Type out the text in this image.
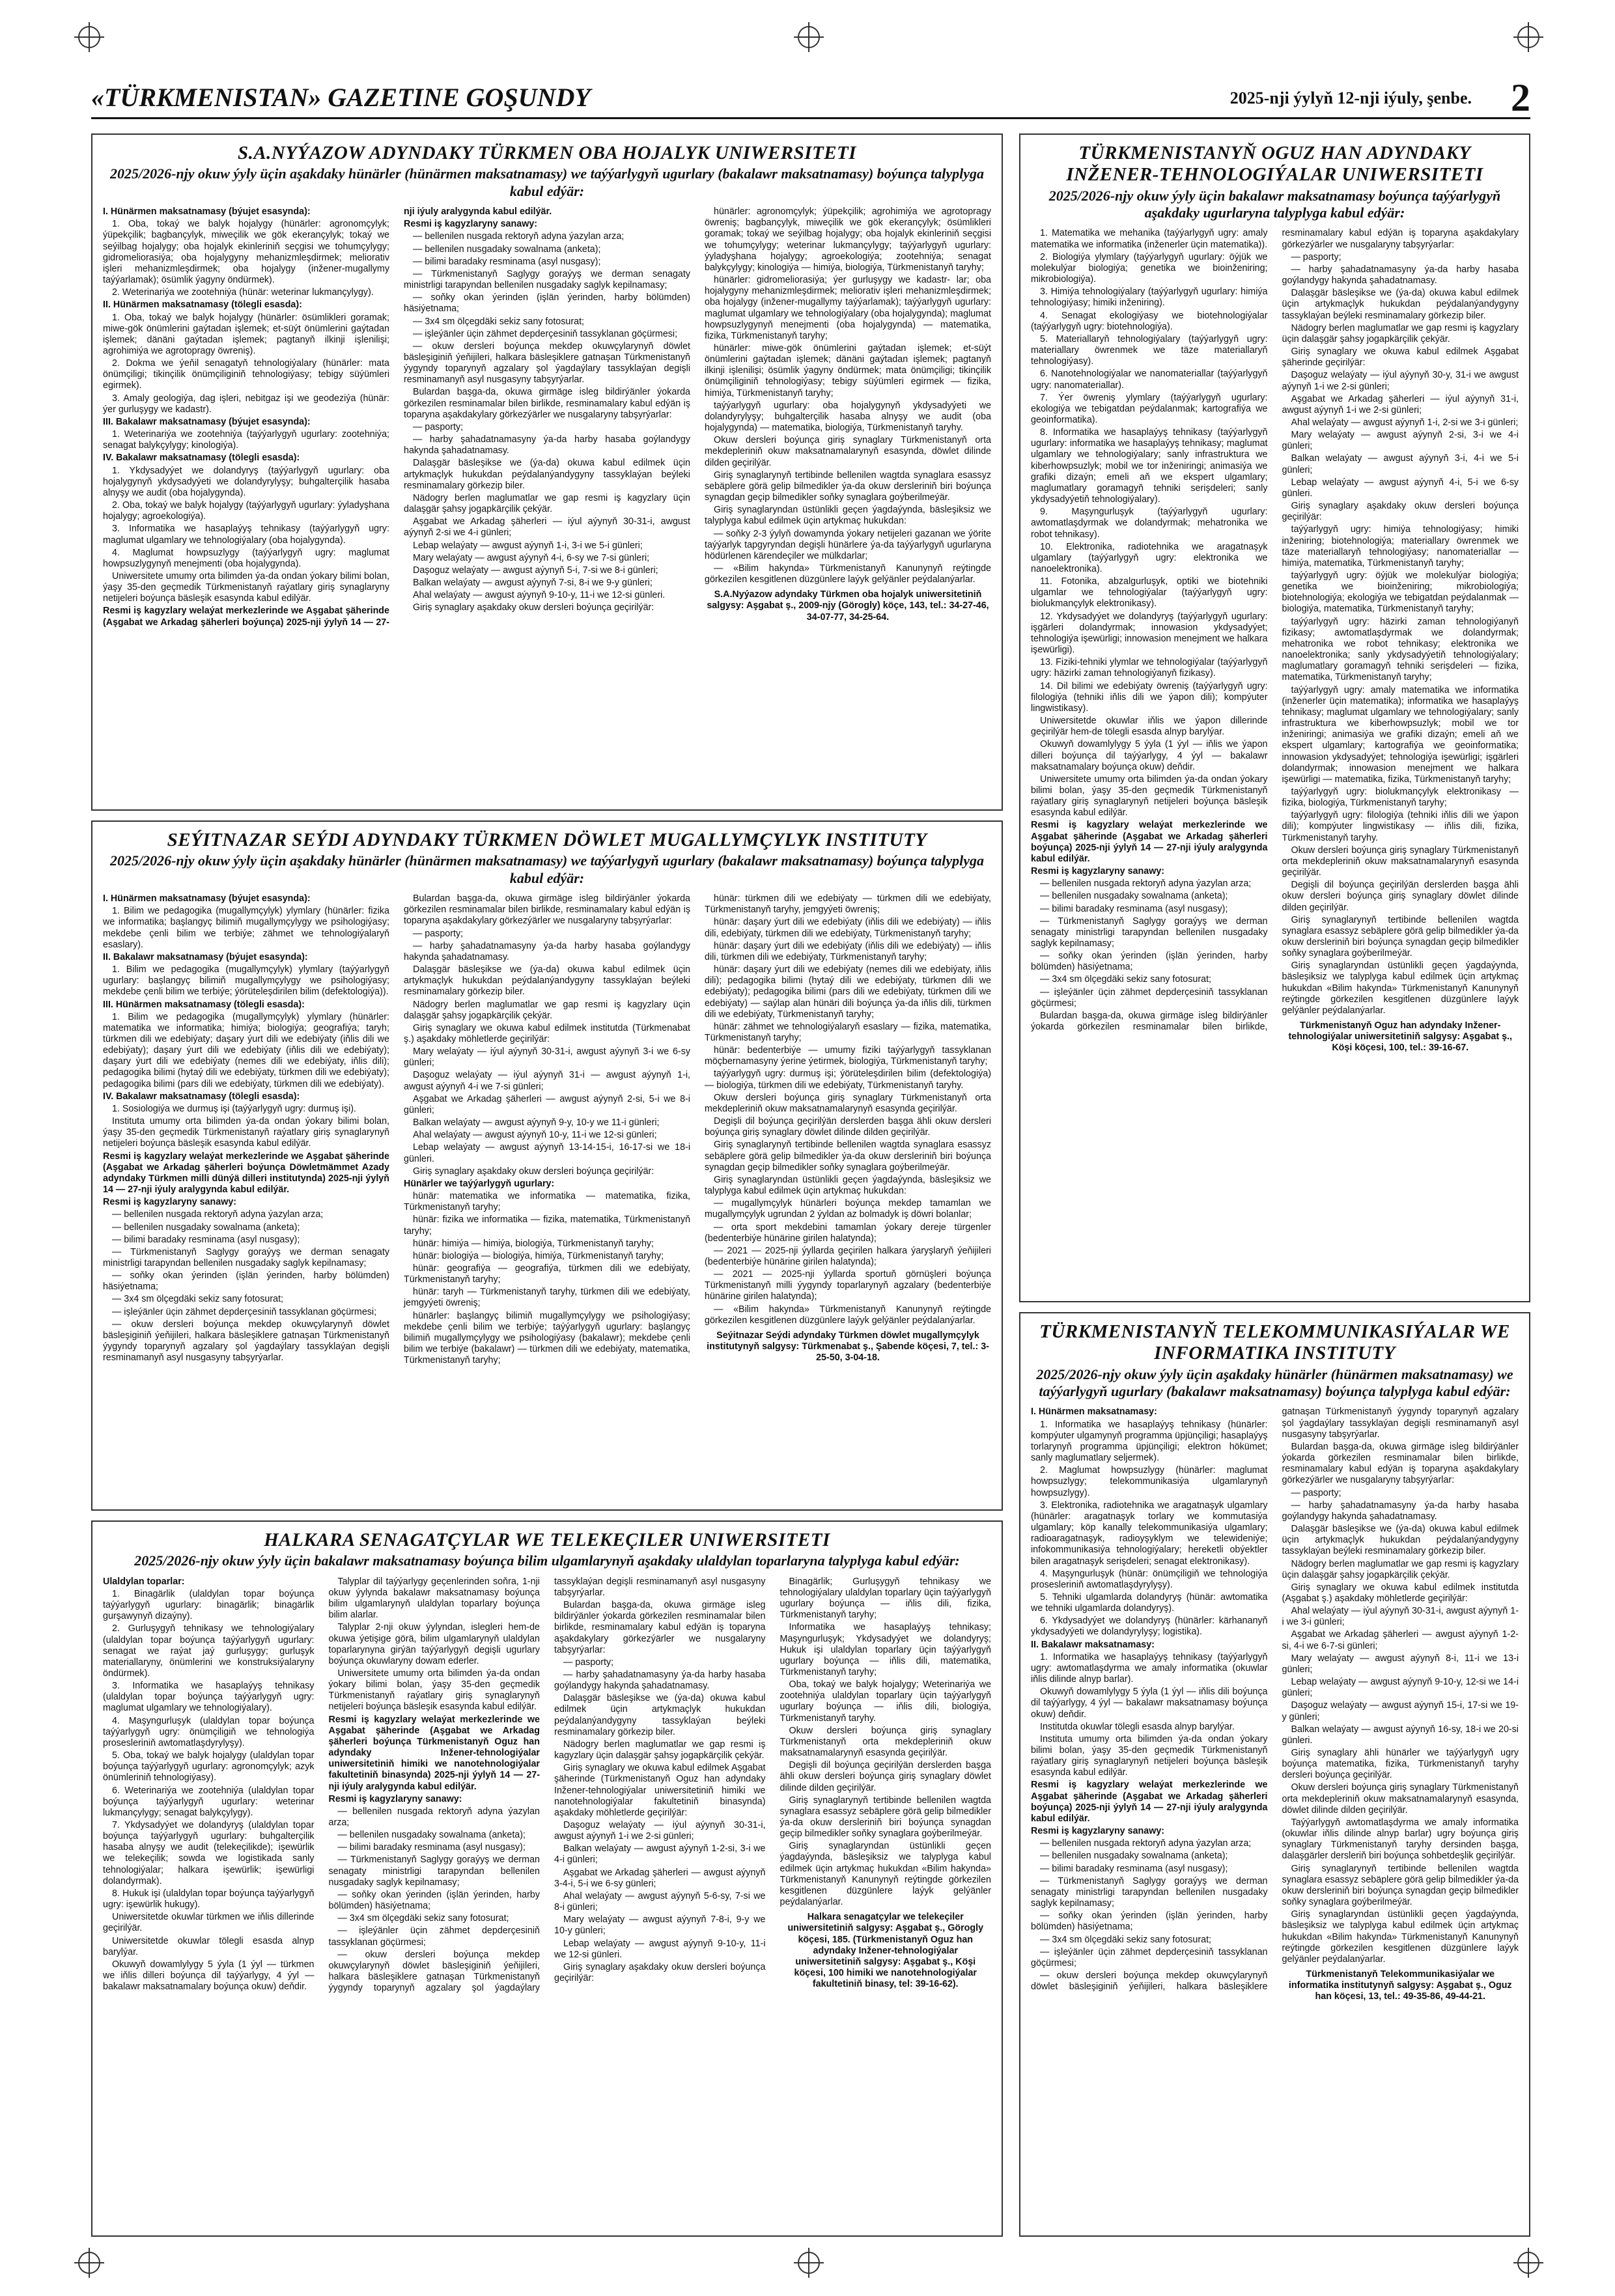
«TÜRKMENISTAN» GAZETINE GOŞUNDY	2025-nji ýylyň 12-nji iýuly, şenbe. 2
S.A.NYÝAZOW ADYNDAKY TÜRKMEN OBA HOJALYK UNIWERSITETI
2025/2026-njy okuw ýyly üçin aşakdaky hünärler (hünärmen maksatnamasy) we taýýarlygyň ugurlary (bakalawr maksatnamasy) boýunça talyplyga kabul edýär:

I. Hünärmen maksatnamasy (býujet esasynda):

1. Oba, tokaý we balyk hojalygy (hünärler: agronomçylyk; ýüpekçilik; bagbançylyk, miweçilik we gök ekerançylyk; tokaý we seýilbag hojalygy; oba hojalyk ekinleriniň seçgisi we tohumçylygy; gidromeliorasiýa; oba hojalygyny mehanizmleşdirmek; meliorativ işleri mehanizmleşdirmek; oba hojalygy (inžener-mugallymy taýýarlamak); ösümlik ýagyny öndürmek).

2. Weterinariýa we zootehniýa (hünär: weterinar lukmançylygy).

II. Hünärmen maksatnamasy (tölegli esasda):

1. Oba, tokaý we balyk hojalygy (hünärler: ösümlikleri goramak; miwe-gök önümlerini gaýtadan işlemek; et-süýt önümlerini gaýtadan işlemek; dänäni gaýtadan işlemek; pagtanyň ilkinji işlenilişi; agrohimiýa we agrotopragy öwreniş).

2. Dokma we ýeňil senagatyň tehnologiýalary (hünärler: mata önümçiligi; tikinçilik önümçiliginiň tehnologiýasy; tebigy süýümleri egirmek).

3. Amaly geologiýa, dag işleri, nebitgaz işi we geodeziýa (hünär: ýer gurluşygy we kadastr).

III. Bakalawr maksatnamasy (býujet esasynda):

1. Weterinariýa we zootehniýa (taýýarlygyň ugurlary: zootehniýa; senagat balykçylygy; kinologiýa).

IV. Bakalawr maksatnamasy (tölegli esasda):

1. Ykdysadyýet we dolandyryş (taýýarlygyň ugurlary: oba hojalygynyň ykdysadyýeti we dolandyrylyşy; buhgalterçilik hasaba alnyşy we audit (oba hojalygynda).

2. Oba, tokaý we balyk hojalygy (taýýarlygyň ugurlary: ýyladyşhana hojalygy; agroekologiýa).

3. Informatika we hasaplaýyş tehnikasy (taýýarlygyň ugry: maglumat ulgamlary we tehnologiýalary (oba hojalygynda).

4. Maglumat howpsuzlygy (taýýarlygyň ugry: maglumat howpsuzlygynyň menejmenti (oba hojalygynda).

Uniwersitete umumy orta bilimden ýa-da ondan ýokary bilimi bolan, ýaşy 35-den geçmedik Türkmenistanyň raýatlary giriş synaglaryny netijeleri boýunça bäsleşik esasynda kabul edilýär.

Resmi iş kagyzlary welaýat merkezlerinde we Aşgabat şäherinde (Aşgabat we Arkadag şäherleri boýunça) 2025-nji ýylyň 14 — 27-nji iýuly aralygynda kabul edilýär.

Resmi iş kagyzlaryny sanawy:

— bellenilen nusgada rektoryň adyna ýazylan arza;

— bellenilen nusgadaky sowalnama (anketa);

— bilimi baradaky resminama (asyl nusgasy);

— Türkmenistanyň Saglygy goraýyş we derman senagaty ministrligi tarapyndan bellenilen nusgadaky saglyk kepilnamasy;

— soňky okan ýerinden (işlän ýerinden, harby bölümden) häsiýetnama;

— 3x4 sm ölçegdäki sekiz sany fotosurat;

— işleýänler üçin zähmet depderçesiniň tassyklanan göçürmesi;

— okuw dersleri boýunça mekdep okuwçylarynyň döwlet bäsleşiginiň ýeňijileri, halkara bäsleşiklere gatnaşan Türkmenistanyň ýygyndy toparynyň agzalary şol ýagdaýlary tassyklaýan degişli resminamanyň asyl nusgasyny tabşyrýarlar.

Bulardan başga-da, okuwa girmäge isleg bildirýänler ýokarda görkezilen resminamalar bilen birlikde, resminamalary kabul edýän iş toparyna aşakdakylary görkezýärler we nusgalaryny tabşyrýarlar:

— pasporty;

— harby şahadatnamasyny ýa-da harby hasaba goýlandygy hakynda şahadatnamasy.

Dalaşgär bäsleşikse we (ýa-da) okuwa kabul edilmek üçin artykmaçlyk hukukdan peýdalanýandygyny tassyklaýan beýleki resminamalary görkezip biler.

Nädogry berlen maglumatlar we gap resmi iş kagyzlary üçin dalaşgär şahsy jogapkärçilik çekýär.

Aşgabat we Arkadag şäherleri — iýul aýynyň 30-31-i, awgust aýynyň 2-si we 4-i günleri;

Lebap welaýaty — awgust aýynyň 1-i, 3-i we 5-i günleri;

Mary welaýaty — awgust aýynyň 4-i, 6-sy we 7-si günleri;

Daşoguz welaýaty — awgust aýynyň 5-i, 7-si we 8-i günleri;

Balkan welaýaty — awgust aýynyň 7-si, 8-i we 9-y günleri;

Ahal welaýaty — awgust aýynyň 9-10-y, 11-i we 12-si günleri.

Giriş synaglary aşakdaky okuw dersleri boýunça geçirilýär:

hünärler: agronomçylyk; ýüpekçilik; agrohimiýa we agrotopragy öwreniş; bagbançylyk, miweçilik we gök ekerançylyk; ösümlikleri goramak; tokaý we seýilbag hojalygy; oba hojalyk ekinleriniň seçgisi we tohumçylygy; weterinar lukmançylygy; taýýarlygyň ugurlary: ýyladyşhana hojalygy; agroekologiýa; zootehniýa; senagat balykçylygy; kinologiýa — himiýa, biologiýa, Türkmenistanyň taryhy;

hünärler: gidromeliorasiýa; ýer gurluşygy we kadastr- lar; oba hojalygyny mehanizmleşdirmek; meliorativ işleri mehanizmleşdirmek; oba hojalygy (inžener-mugallymy taýýarlamak); taýýarlygyň ugurlary: maglumat ulgamlary we tehnologiýalary (oba hojalygynda); maglumat howpsuzlygynyň menejmenti (oba hojalygynda) — matematika, fizika, Türkmenistanyň taryhy;

hünärler: miwe-gök önümlerini gaýtadan işlemek; et-süýt önümlerini gaýtadan işlemek; dänäni gaýtadan işlemek; pagtanyň ilkinji işlenilişi; ösümlik ýagyny öndürmek; mata önümçiligi; tikinçilik önümçiliginiň tehnologiýasy; tebigy süýümleri egirmek — fizika, himiýa, Türkmenistanyň taryhy;

taýýarlygyň ugurlary: oba hojalygynyň ykdysadyýeti we dolandyrylyşy; buhgalterçilik hasaba alnyşy we audit (oba hojalygynda) — matematika, biologiýa, Türkmenistanyň taryhy.

Okuw dersleri boýunça giriş synaglary Türkmenistanyň orta mekdepleriniň okuw maksatnamalarynyň esasynda, döwlet dilinde dilden geçirilýär.

Giriş synaglarynyň tertibinde bellenilen wagtda synaglara esassyz sebäplere görä gelip bilmedikler ýa-da okuw dersleriniň biri boýunça synagdan geçip bilmedikler soňky synaglara goýberilmeýär.

Giriş synaglaryndan üstünlikli geçen ýagdaýynda, bäsleşiksiz we talyplyga kabul edilmek üçin artykmaç hukukdan:

— soňky 2-3 ýylyň dowamynda ýokary netijeleri gazanan we ýörite taýýarlyk tapgyryndan degişli hünärlere ýa-da taýýarlygyň ugurlaryna hödürlenen kärendeçiler we mülkdarlar;

— «Bilim hakynda» Türkmenistanyň Kanunynyň reýtingde görkezilen kesgitlenen düzgünlere laýyk gelýänler peýdalanýarlar.

S.A.Nyýazow adyndaky Türkmen oba hojalyk uniwersitetiniň salgysy: Aşgabat ş., 2009-njy (Görogly) köçe, 143, tel.: 34-27-46, 34-07-77, 34-25-64.

TÜRKMENISTANYŇ OGUZ HAN ADYNDAKY INŽENER-TEHNOLOGIÝALAR UNIWERSITETI
2025/2026-njy okuw ýyly üçin bakalawr maksatnamasy boýunça taýýarlygyň aşakdaky ugurlaryna talyplyga kabul edýär:

1. Matematika we mehanika (taýýarlygyň ugry: amaly matematika we informatika (inženerler üçin matematika)).

2. Biologiýa ylymlary (taýýarlygyň ugurlary: öýjük we molekulýar biologiýa; genetika we bioinženiring; mikrobiologiýa).

3. Himiýa tehnologiýalary (taýýarlygyň ugurlary: himiýa tehnologiýasy; himiki inženiring).

4. Senagat ekologiýasy we biotehnologiýalar (taýýarlygyň ugry: biotehnologiýa).

5. Materiallaryň tehnologiýalary (taýýarlygyň ugry: materiallary öwrenmek we täze materiallaryň tehnologiýasy).

6. Nanotehnologiýalar we nanomateriallar (taýýarlygyň ugry: nanomateriallar).

7. Ýer öwreniş ylymlary (taýýarlygyň ugurlary: ekologiýa we tebigatdan peýdalanmak; kartografiýa we geoinformatika).

8. Informatika we hasaplaýyş tehnikasy (taýýarlygyň ugurlary: informatika we hasaplaýyş tehnikasy; maglumat ulgamlary we tehnologiýalary; sanly infrastruktura we kiberhowpsuzlyk; mobil we tor inženiringi; animasiýa we grafiki dizaýn; emeli aň we ekspert ulgamlary; maglumatlary goramagyň tehniki serişdeleri; sanly ykdysadyýetiň tehnologiýalary).

9. Maşyngurluşyk (taýýarlygyň ugurlary: awtomatlaşdyrmak we dolandyrmak; mehatronika we robot tehnikasy).

10. Elektronika, radiotehnika we aragatnaşyk ulgamlary (taýýarlygyň ugry: elektronika we nanoelektronika).

11. Fotonika, abzalgurluşyk, optiki we biotehniki ulgamlar we tehnologiýalar (taýýarlygyň ugry: biolukmançylyk elektronikasy).

12. Ykdysadyýet we dolandyryş (taýýarlygyň ugurlary: işgärleri dolandyrmak; innowasion ykdysadyýet; tehnologiýa işewürligi; innowasion menejment we halkara işewürligi).

13. Fiziki-tehniki ylymlar we tehnologiýalar (taýýarlygyň ugry: häzirki zaman tehnologiýanyň fizikasy).

14. Dil bilimi we edebiýaty öwreniş (taýýarlygyň ugry: filologiýa (tehniki iňlis dili we ýapon dili); kompýuter lingwistikasy).

Uniwersitetde okuwlar iňlis we ýapon dillerinde geçirilýär hem-de tölegli esasda alnyp barylýar.

Okuwyň dowamlylygy 5 ýyla (1 ýyl — iňlis we ýapon dilleri boýunça dil taýýarlygy, 4 ýyl — bakalawr maksatnamalary boýunça okuw) deňdir.

Uniwersitete umumy orta bilimden ýa-da ondan ýokary bilimi bolan, ýaşy 35-den geçmedik Türkmenistanyň raýatlary giriş synaglarynyň netijeleri boýunça bäsleşik esasynda kabul edilýär.

Resmi iş kagyzlary welaýat merkezlerinde we Aşgabat şäherinde (Aşgabat we Arkadag şäherleri boýunça) 2025-nji ýylyň 14 — 27-nji iýuly aralygynda kabul edilýär.

Resmi iş kagyzlaryny sanawy:

— bellenilen nusgada rektoryň adyna ýazylan arza;

— bellenilen nusgadaky sowalnama (anketa);

— bilimi baradaky resminama (asyl nusgasy);

— Türkmenistanyň Saglygy goraýyş we derman senagaty ministrligi tarapyndan bellenilen nusgadaky saglyk kepilnamasy;

— soňky okan ýerinden (işlän ýerinden, harby bölümden) häsiýetnama;

— 3x4 sm ölçegdäki sekiz sany fotosurat;

— işleýänler üçin zähmet depderçesiniň tassyklanan göçürmesi;

Bulardan başga-da, okuwa girmäge isleg bildirýänler ýokarda görkezilen resminamalar bilen birlikde, resminamalary kabul edýän iş toparyna aşakdakylary görkezýärler we nusgalaryny tabşyrýarlar:

— pasporty;

— harby şahadatnamasyny ýa-da harby hasaba goýlandygy hakynda şahadatnamasy.

Dalaşgär bäsleşikse we (ýa-da) okuwa kabul edilmek üçin artykmaçlyk hukukdan peýdalanýandygyny tassyklaýan beýleki resminamalary görkezip biler.

Nädogry berlen maglumatlar we gap resmi iş kagyzlary üçin dalaşgär şahsy jogapkärçilik çekýär.

Giriş synaglary we okuwa kabul edilmek Aşgabat şäherinde geçirilýär:

Daşoguz welaýaty — iýul aýynyň 30-y, 31-i we awgust aýynyň 1-i we 2-si günleri;

Aşgabat we Arkadag şäherleri — iýul aýynyň 31-i, awgust aýynyň 1-i we 2-si günleri;

Ahal welaýaty — awgust aýynyň 1-i, 2-si we 3-i günleri;

Mary welaýaty — awgust aýynyň 2-si, 3-i we 4-i günleri;

Balkan welaýaty — awgust aýynyň 3-i, 4-i we 5-i günleri;

Lebap welaýaty — awgust aýynyň 4-i, 5-i we 6-sy günleri.

Giriş synaglary aşakdaky okuw dersleri boýunça geçirilýär:

taýýarlygyň ugry: himiýa tehnologiýasy; himiki inženiring; biotehnologiýa; materiallary öwrenmek we täze materiallaryň tehnologiýasy; nanomateriallar — himiýa, matematika, Türkmenistanyň taryhy;

taýýarlygyň ugry: öýjük we molekulýar biologiýa; genetika we bioinženiring; mikrobiologiýa; biotehnologiýa; ekologiýa we tebigatdan peýdalanmak — biologiýa, matematika, Türkmenistanyň taryhy;

taýýarlygyň ugry: häzirki zaman tehnologiýanyň fizikasy; awtomatlaşdyrmak we dolandyrmak; mehatronika we robot tehnikasy; elektronika we nanoelektronika; sanly ykdysadyýetiň tehnologiýalary; maglumatlary goramagyň tehniki serişdeleri — fizika, matematika, Türkmenistanyň taryhy;

taýýarlygyň ugry: amaly matematika we informatika (inženerler üçin matematika); informatika we hasaplaýyş tehnikasy; maglumat ulgamlary we tehnologiýalary; sanly infrastruktura we kiberhowpsuzlyk; mobil we tor inženiringi; animasiýa we grafiki dizaýn; emeli aň we ekspert ulgamlary; kartografiýa we geoinformatika; innowasion ykdysadyýet; tehnologiýa işewürligi; işgärleri dolandyrmak; innowasion menejment we halkara işewürligi — matematika, fizika, Türkmenistanyň taryhy;

taýýarlygyň ugry: biolukmançylyk elektronikasy — fizika, biologiýa, Türkmenistanyň taryhy;

taýýarlygyň ugry: filologiýa (tehniki iňlis dili we ýapon dili); kompýuter lingwistikasy — iňlis dili, fizika, Türkmenistanyň taryhy.

Okuw dersleri boýunça giriş synaglary Türkmenistanyň orta mekdepleriniň okuw maksatnamalarynyň esasynda geçirilýär.

Degişli dil boýunça geçirilýän derslerden başga ähli okuw dersleri boýunça giriş synaglary döwlet dilinde dilden geçirilýär.

Giriş synaglarynyň tertibinde bellenilen wagtda synaglara esassyz sebäplere görä gelip bilmedikler ýa-da okuw dersleriniň biri boýunça synagdan geçip bilmedikler soňky synaglara goýberilmeýär.

Giriş synaglaryndan üstünlikli geçen ýagdaýynda, bäsleşiksiz we talyplyga kabul edilmek üçin artykmaç hukukdan «Bilim hakynda» Türkmenistanyň Kanunynyň reýtingde görkezilen kesgitlenen düzgünlere laýyk gelýänler peýdalanýarlar.

Türkmenistanyň Oguz han adyndaky Inžener-tehnologiýalar uniwersitetiniň salgysy: Aşgabat ş., Köşi köçesi, 100, tel.: 39-16-67.

SEÝITNAZAR SEÝDI ADYNDAKY TÜRKMEN DÖWLET MUGALLYMÇYLYK INSTITUTY
2025/2026-njy okuw ýyly üçin aşakdaky hünärler (hünärmen maksatnamasy) we taýýarlygyň ugurlary (bakalawr maksatnamasy) boýunça talyplyga kabul edýär:

I. Hünärmen maksatnamasy (býujet esasynda):

1. Bilim we pedagogika (mugallymçylyk) ylymlary (hünärler: fizika we informatika; başlangyç bilimiň mugallymçylygy we psihologiýasy; mekdebe çenli bilim we terbiýe; zähmet we tehnologiýalaryň esaslary).

II. Bakalawr maksatnamasy (býujet esasynda):

1. Bilim we pedagogika (mugallymçylyk) ylymlary (taýýarlygyň ugurlary: başlangyç bilimiň mugallymçylygy we psihologiýasy; mekdebe çenli bilim we terbiýe; ýörüteleşdirilen bilim (defektologiýa)).

III. Hünärmen maksatnamasy (tölegli esasda):

1. Bilim we pedagogika (mugallymçylyk) ylymlary (hünärler: matematika we informatika; himiýa; biologiýa; geografiýa; taryh; türkmen dili we edebiýaty; daşary ýurt dili we edebiýaty (iňlis dili we edebiýaty); daşary ýurt dili we edebiýaty (iňlis dili we edebiýaty); daşary ýurt dili we edebiýaty (nemes dili we edebiýaty, iňlis dili); pedagogika bilimi (hytaý dili we edebiýaty, türkmen dili we edebiýaty); pedagogika bilimi (pars dili we edebiýaty, türkmen dili we edebiýaty).

IV. Bakalawr maksatnamasy (tölegli esasda):

1. Sosiologiýa we durmuş işi (taýýarlygyň ugry: durmuş işi).

Institutа umumy orta bilimden ýa-da ondan ýokary bilimi bolan, ýaşy 35-den geçmedik Türkmenistanyň raýatlary giriş synaglarynyň netijeleri boýunça bäsleşik esasynda kabul edilýär.

Resmi iş kagyzlary welaýat merkezlerinde we Aşgabat şäherinde (Aşgabat we Arkadag şäherleri boýunça Döwletmämmet Azady adyndaky Türkmen milli dünýä dilleri institutynda) 2025-nji ýylyň 14 — 27-nji iýuly aralygynda kabul edilýär.

Resmi iş kagyzlaryny sanawy:

— bellenilen nusgada rektoryň adyna ýazylan arza;

— bellenilen nusgadaky sowalnama (anketa);

— bilimi baradaky resminama (asyl nusgasy);

— Türkmenistanyň Saglygy goraýyş we derman senagaty ministrligi tarapyndan bellenilen nusgadaky saglyk kepilnamasy;

— soňky okan ýerinden (işlän ýerinden, harby bölümden) häsiýetnama;

— 3x4 sm ölçegdäki sekiz sany fotosurat;

— işleýänler üçin zähmet depderçesiniň tassyklanan göçürmesi;

— okuw dersleri boýunça mekdep okuwçylarynyň döwlet bäsleşiginiň ýeňijileri, halkara bäsleşiklere gatnaşan Türkmenistanyň ýygyndy toparynyň agzalary şol ýagdaýlary tassyklaýan degişli resminamanyň asyl nusgasyny tabşyrýarlar.

Bulardan başga-da, okuwa girmäge isleg bildirýänler ýokarda görkezilen resminamalar bilen birlikde, resminamalary kabul edýän iş toparyna aşakdakylary görkezýärler we nusgalaryny tabşyrýarlar:

— pasporty;

— harby şahadatnamasyny ýa-da harby hasaba goýlandygy hakynda şahadatnamasy.

Dalaşgär bäsleşikse we (ýa-da) okuwa kabul edilmek üçin artykmaçlyk hukukdan peýdalanýandygyny tassyklaýan beýleki resminamalary görkezip biler.

Nädogry berlen maglumatlar we gap resmi iş kagyzlary üçin dalaşgär şahsy jogapkärçilik çekýär.

Giriş synaglary we okuwa kabul edilmek institutda (Türkmenabat ş.) aşakdaky möhletlerde geçirilýär:

Mary welaýaty — iýul aýynyň 30-31-i, awgust aýynyň 3-i we 6-sy günleri;

Daşoguz welaýaty — iýul aýynyň 31-i — awgust aýynyň 1-i, awgust aýynyň 4-i we 7-si günleri;

Aşgabat we Arkadag şäherleri — awgust aýynyň 2-si, 5-i we 8-i günleri;

Balkan welaýaty — awgust aýynyň 9-y, 10-y we 11-i günleri;

Ahal welaýaty — awgust aýynyň 10-y, 11-i we 12-si günleri;

Lebap welaýaty — awgust aýynyň 13-14-15-i, 16-17-si we 18-i günleri.

Giriş synaglary aşakdaky okuw dersleri boýunça geçirilýär:

Hünärler we taýýarlygyň ugurlary:

hünär: matematika we informatika — matematika, fizika, Türkmenistanyň taryhy;

hünär: fizika we informatika — fizika, matematika, Türkmenistanyň taryhy;

hünär: himiýa — himiýa, biologiýa, Türkmenistanyň taryhy;

hünär: biologiýa — biologiýa, himiýa, Türkmenistanyň taryhy;

hünär: geografiýa — geografiýa, türkmen dili we edebiýaty, Türkmenistanyň taryhy;

hünär: taryh — Türkmenistanyň taryhy, türkmen dili we edebiýaty, jemgyýeti öwreniş;

hünärler: başlangyç bilimiň mugallymçylygy we psihologiýasy; mekdebe çenli bilim we terbiýe; taýýarlygyň ugurlary: başlangyç bilimiň mugallymçylygy we psihologiýasy (bakalawr); mekdebe çenli bilim we terbiýe (bakalawr) — türkmen dili we edebiýaty, matematika, Türkmenistanyň taryhy;

hünär: türkmen dili we edebiýaty — türkmen dili we edebiýaty, Türkmenistanyň taryhy, jemgyýeti öwreniş;

hünär: daşary ýurt dili we edebiýaty (iňlis dili we edebiýaty) — iňlis dili, edebiýaty, türkmen dili we edebiýaty, Türkmenistanyň taryhy;

hünär: daşary ýurt dili we edebiýaty (iňlis dili we edebiýaty) — iňlis dili, türkmen dili we edebiýaty, Türkmenistanyň taryhy;

hünär: daşary ýurt dili we edebiýaty (nemes dili we edebiýaty, iňlis dili); pedagogika bilimi (hytaý dili we edebiýaty, türkmen dili we edebiýaty); pedagogika bilimi (pars dili we edebiýaty, türkmen dili we edebiýaty) — saýlap alan hünäri dili boýunça ýa-da iňlis dili, türkmen dili we edebiýaty, Türkmenistanyň taryhy;

hünär: zähmet we tehnologiýalaryň esaslary — fizika, matematika, Türkmenistanyň taryhy;

hünär: bedenterbiýe — umumy fiziki taýýarlygyň tassyklanan möçbernamasyny ýerine ýetirmek, biologiýa, Türkmenistanyň taryhy;

taýýarlygyň ugry: durmuş işi; ýörüteleşdirilen bilim (defektologiýa) — biologiýa, türkmen dili we edebiýaty, Türkmenistanyň taryhy.

Okuw dersleri boýunça giriş synaglary Türkmenistanyň orta mekdepleriniň okuw maksatnamalarynyň esasynda geçirilýär.

Degişli dil boýunça geçirilýän derslerden başga ähli okuw dersleri boýunça giriş synaglary döwlet dilinde dilden geçirilýär.

Giriş synaglarynyň tertibinde bellenilen wagtda synaglara esassyz sebäplere görä gelip bilmedikler ýa-da okuw dersleriniň biri boýunça synagdan geçip bilmedikler soňky synaglara goýberilmeýär.

Giriş synaglaryndan üstünlikli geçen ýagdaýynda, bäsleşiksiz we talyplyga kabul edilmek üçin artykmaç hukukdan:

— mugallymçylyk hünärleri boýunça mekdep tamamlan we mugallymçylyk ugrundan 2 ýyldan az bolmadyk iş döwri bolanlar;

— orta sport mekdebini tamamlan ýokary dereje türgenler (bedenterbiýe hünärine girilen halatynda);

— 2021 — 2025-nji ýyllarda geçirilen halkara ýaryşlaryň ýeňijileri (bedenterbiýe hünärine girilen halatynda);

— 2021 — 2025-nji ýyllarda sportuň görnüşleri boýunça Türkmenistanyň milli ýygyndy toparlarynyň agzalary (bedenterbiýe hünärine girilen halatynda);

— «Bilim hakynda» Türkmenistanyň Kanunynyň reýtingde görkezilen kesgitlenen düzgünlere laýyk gelýänler peýdalanýarlar.

Seýitnazar Seýdi adyndaky Türkmen döwlet mugallymçylyk institutynyň salgysy: Türkmenabat ş., Şabende köçesi, 7, tel.: 3-25-50, 3-04-18.

TÜRKMENISTANYŇ TELEKOMMUNIKASIÝALAR WE INFORMATIKA INSTITUTY
2025/2026-njy okuw ýyly üçin aşakdaky hünärler (hünärmen maksatnamasy) we taýýarlygyň ugurlary (bakalawr maksatnamasy) boýunça talyplyga kabul edýär:

I. Hünärmen maksatnamasy:

1. Informatika we hasaplaýyş tehnikasy (hünärler: kompýuter ulgamynyň programma üpjünçiligi; hasaplaýyş torlarynyň programma üpjünçiligi; elektron hökümet; sanly maglumatlary seljermek).

2. Maglumat howpsuzlygy (hünärler: maglumat howpsuzlygy; telekommunikasiýa ulgamlarynyň howpsuzlygy).

3. Elektronika, radiotehnika we aragatnaşyk ulgamlary (hünärler: aragatnaşyk torlary we kommutasiýa ulgamlary; köp kanally telekommunikasiýa ulgamlary; radioaragatnaşyk, radioyşyklym we telewideniýe; infokommunikasiýa tehnologiýalary; hereketli obýektler bilen aragatnaşyk serişdeleri; senagat elektronikasy).

4. Maşyngurluşyk (hünär: önümçiligiň we tehnologiýa prosesleriniň awtomatlaşdyrylyşy).

5. Tehniki ulgamlarda dolandyryş (hünär: awtomatika we tehniki ulgamlarda dolandyryş).

6. Ykdysadyýet we dolandyryş (hünärler: kärhananyň ykdysadyýeti we dolandyrylyşy; logistika).

II. Bakalawr maksatnamasy:

1. Informatika we hasaplaýyş tehnikasy (taýýarlygyň ugry: awtomatlaşdyrma we amaly informatika (okuwlar iňlis dilinde alnyp barlar).

Okuwyň dowamlylygy 5 ýyla (1 ýyl — iňlis dili boýunça dil taýýarlygy, 4 ýyl — bakalawr maksatnamasy boýunça okuw) deňdir.

Institutda okuwlar tölegli esasda alnyp barylýar.

Institutа umumy orta bilimden ýa-da ondan ýokary bilimi bolan, ýaşy 35-den geçmedik Türkmenistanyň raýatlary giriş synaglarynyň netijeleri boýunça bäsleşik esasynda kabul edilýär.

Resmi iş kagyzlary welaýat merkezlerinde we Aşgabat şäherinde (Aşgabat we Arkadag şäherleri boýunça) 2025-nji ýylyň 14 — 27-nji iýuly aralygynda kabul edilýär.

Resmi iş kagyzlaryny sanawy:

— bellenilen nusgada rektoryň adyna ýazylan arza;

— bellenilen nusgadaky sowalnama (anketa);

— bilimi baradaky resminama (asyl nusgasy);

— Türkmenistanyň Saglygy goraýyş we derman senagaty ministrligi tarapyndan bellenilen nusgadaky saglyk kepilnamasy;

— soňky okan ýerinden (işlän ýerinden, harby bölümden) häsiýetnama;

— 3x4 sm ölçegdäki sekiz sany fotosurat;

— işleýänler üçin zähmet depderçesiniň tassyklanan göçürmesi;

— okuw dersleri boýunça mekdep okuwçylarynyň döwlet bäsleşiginiň ýeňijileri, halkara bäsleşiklere gatnaşan Türkmenistanyň ýygyndy toparynyň agzalary şol ýagdaýlary tassyklaýan degişli resminamanyň asyl nusgasyny tabşyrýarlar.

Bulardan başga-da, okuwa girmäge isleg bildirýänler ýokarda görkezilen resminamalar bilen birlikde, resminamalary kabul edýän iş toparyna aşakdakylary görkezýärler we nusgalaryny tabşyrýarlar:

— pasporty;

— harby şahadatnamasyny ýa-da harby hasaba goýlandygy hakynda şahadatnamasy.

Dalaşgär bäsleşikse we (ýa-da) okuwa kabul edilmek üçin artykmaçlyk hukukdan peýdalanýandygyny tassyklaýan beýleki resminamalary görkezip biler.

Nädogry berlen maglumatlar we gap resmi iş kagyzlary üçin dalaşgär şahsy jogapkärçilik çekýär.

Giriş synaglary we okuwa kabul edilmek institutda (Aşgabat ş.) aşakdaky möhletlerde geçirilýär:

Ahal welaýaty — iýul aýynyň 30-31-i, awgust aýynyň 1-i we 3-i günleri;

Aşgabat we Arkadag şäherleri — awgust aýynyň 1-2-si, 4-i we 6-7-si günleri;

Mary welaýaty — awgust aýynyň 8-i, 11-i we 13-i günleri;

Lebap welaýaty — awgust aýynyň 9-10-y, 12-si we 14-i günleri;

Daşoguz welaýaty — awgust aýynyň 15-i, 17-si we 19-y günleri;

Balkan welaýaty — awgust aýynyň 16-sy, 18-i we 20-si günleri.

Giriş synaglary ähli hünärler we taýýarlygyň ugry boýunça matematika, fizika, Türkmenistanyň taryhy dersleri boýunça geçirilýär.

Okuw dersleri boýunça giriş synaglary Türkmenistanyň orta mekdepleriniň okuw maksatnamalarynyň esasynda, döwlet dilinde dilden geçirilýär.

Taýýarlygyň awtomatlaşdyrma we amaly informatika (okuwlar iňlis dilinde alnyp barlar) ugry boýunça giriş synaglary Türkmenistanyň taryhy dersinden başga, dalaşgärler dersleriň biri boýunça sohbetdeşlik geçirilýär.

Giriş synaglarynyň tertibinde bellenilen wagtda synaglara esassyz sebäplere görä gelip bilmedikler ýa-da okuw dersleriniň biri boýunça synagdan geçip bilmedikler soňky synaglara goýberilmeýär.

Giriş synaglaryndan üstünlikli geçen ýagdaýynda, bäsleşiksiz we talyplyga kabul edilmek üçin artykmaç hukukdan «Bilim hakynda» Türkmenistanyň Kanunynyň reýtingde görkezilen kesgitlenen düzgünlere laýyk gelýänler peýdalanýarlar.

Türkmenistanyň Telekommunikasiýalar we informatika institutynyň salgysy: Aşgabat ş., Oguz han köçesi, 13, tel.: 49-35-86, 49-44-21.

HALKARA SENAGATÇYLAR WE TELEKEÇILER UNIWERSITETI
2025/2026-njy okuw ýyly üçin bakalawr maksatnamasy boýunça bilim ulgamlarynyň aşakdaky ulaldylan toparlaryna talyplyga kabul edýär:

Ulaldylan toparlar:

1. Binagärlik (ulaldylan topar boýunça taýýarlygyň ugurlary: binagärlik; binagärlik gurşawynyň dizaýny).

2. Gurluşygyň tehnikasy we tehnologiýalary (ulaldylan topar boýunça taýýarlygyň ugurlary: senagat we raýat jaý gurluşygy; gurluşyk materiallaryny, önümlerini we konstruksiýalaryny öndürmek).

3. Informatika we hasaplaýyş tehnikasy (ulaldylan topar boýunça taýýarlygyň ugry: maglumat ulgamlary we tehnologiýalary).

4. Maşyngurluşyk (ulaldylan topar boýunça taýýarlygyň ugry: önümçiligiň we tehnologiýa prosesleriniň awtomatlaşdyrylyşy).

5. Oba, tokaý we balyk hojalygy (ulaldylan topar boýunça taýýarlygyň ugurlary: agronomçylyk; azyk önümleriniň tehnologiýasy).

6. Weterinariýa we zootehniýa (ulaldylan topar boýunça taýýarlygyň ugurlary: weterinar lukmançylygy; senagat balykçylygy).

7. Ykdysadyýet we dolandyryş (ulaldylan topar boýunça taýýarlygyň ugurlary: buhgalterçilik hasaba alnyşy we audit (telekeçilikde); işewürlik we telekeçilik; sowda we logistikada sanly tehnologiýalar; halkara işewürlik; işewürligi dolandyrmak).

8. Hukuk işi (ulaldylan topar boýunça taýýarlygyň ugry: işewürlik hukugy).

Uniwersitetde okuwlar türkmen we iňlis dillerinde geçirilýär.

Uniwersitetde okuwlar tölegli esasda alnyp barylýar.

Okuwyň dowamlylygy 5 ýyla (1 ýyl — türkmen we iňlis dilleri boýunça dil taýýarlygy, 4 ýyl — bakalawr maksatnamalary boýunça okuw) deňdir.

Talyplar dil taýýarlygy geçenlerinden soňra, 1-nji okuw ýylynda bakalawr maksatnamasy boýunça bilim ulgamlarynyň ulaldylan toparlary boýunça bilim alarlar.

Talyplar 2-nji okuw ýylyndan, islegleri hem-de okuwa ýetişige görä, bilim ulgamlarynyň ulaldylan toparlarynyna girýän taýýarlygyň degişli ugurlary boýunça okuwlaryny dowam ederler.

Uniwersitete umumy orta bilimden ýa-da ondan ýokary bilimi bolan, ýaşy 35-den geçmedik Türkmenistanyň raýatlary giriş synaglarynyň netijeleri boýunça bäsleşik esasynda kabul edilýär.

Resmi iş kagyzlary welaýat merkezlerinde we Aşgabat şäherinde (Aşgabat we Arkadag şäherleri boýunça Türkmenistanyň Oguz han adyndaky Inžener-tehnologiýalar uniwersitetiniň himiki we nanotehnologiýalar fakultetiniň binasynda) 2025-nji ýylyň 14 — 27-nji iýuly aralygynda kabul edilýär.

Resmi iş kagyzlaryny sanawy:

— bellenilen nusgada rektoryň adyna ýazylan arza;

— bellenilen nusgadaky sowalnama (anketa);

— bilimi baradaky resminama (asyl nusgasy);

— Türkmenistanyň Saglygy goraýyş we derman senagaty ministrligi tarapyndan bellenilen nusgadaky saglyk kepilnamasy;

— soňky okan ýerinden (işlän ýerinden, harby bölümden) häsiýetnama;

— 3x4 sm ölçegdäki sekiz sany fotosurat;

— işleýänler üçin zähmet depderçesiniň tassyklanan göçürmesi;

— okuw dersleri boýunça mekdep okuwçylarynyň döwlet bäsleşiginiň ýeňijileri, halkara bäsleşiklere gatnaşan Türkmenistanyň ýygyndy toparynyň agzalary şol ýagdaýlary tassyklaýan degişli resminamanyň asyl nusgasyny tabşyrýarlar.

Bulardan başga-da, okuwa girmäge isleg bildirýänler ýokarda görkezilen resminamalar bilen birlikde, resminamalary kabul edýän iş toparyna aşakdakylary görkezýärler we nusgalaryny tabşyrýarlar:

— pasporty;

— harby şahadatnamasyny ýa-da harby hasaba goýlandygy hakynda şahadatnamasy.

Dalaşgär bäsleşikse we (ýa-da) okuwa kabul edilmek üçin artykmaçlyk hukukdan peýdalanýandygyny tassyklaýan beýleki resminamalary görkezip biler.

Nädogry berlen maglumatlar we gap resmi iş kagyzlary üçin dalaşgär şahsy jogapkärçilik çekýär.

Giriş synaglary we okuwa kabul edilmek Aşgabat şäherinde (Türkmenistanyň Oguz han adyndaky Inžener-tehnologiýalar uniwersitetiniň himiki we nanotehnologiýalar fakultetiniň binasynda) aşakdaky möhletlerde geçirilýär:

Daşoguz welaýaty — iýul aýynyň 30-31-i, awgust aýynyň 1-i we 2-si günleri;

Balkan welaýaty — awgust aýynyň 1-2-si, 3-i we 4-i günleri;

Aşgabat we Arkadag şäherleri — awgust aýynyň 3-4-i, 5-i we 6-sy günleri;

Ahal welaýaty — awgust aýynyň 5-6-sy, 7-si we 8-i günleri;

Mary welaýaty — awgust aýynyň 7-8-i, 9-y we 10-y günleri;

Lebap welaýaty — awgust aýynyň 9-10-y, 11-i we 12-si günleri.

Giriş synaglary aşakdaky okuw dersleri boýunça geçirilýär:

Binagärlik; Gurluşygyň tehnikasy we tehnologiýalary ulaldylan toparlary üçin taýýarlygyň ugurlary boýunça — iňlis dili, fizika, Türkmenistanyň taryhy;

Informatika we hasaplaýyş tehnikasy; Maşyngurluşyk; Ykdysadyýet we dolandyryş; Hukuk işi ulaldylan toparlary üçin taýýarlygyň ugurlary boýunça — iňlis dili, matematika, Türkmenistanyň taryhy;

Oba, tokaý we balyk hojalygy; Weterinariýa we zootehniýa ulaldylan toparlary üçin taýýarlygyň ugurlary boýunça — iňlis dili, biologiýa, Türkmenistanyň taryhy.

Okuw dersleri boýunça giriş synaglary Türkmenistanyň orta mekdepleriniň okuw maksatnamalarynyň esasynda geçirilýär.

Degişli dil boýunça geçirilýän derslerden başga ähli okuw dersleri boýunça giriş synaglary döwlet dilinde dilden geçirilýär.

Giriş synaglarynyň tertibinde bellenilen wagtda synaglara esassyz sebäplere görä gelip bilmedikler ýa-da okuw dersleriniň biri boýunça synagdan geçip bilmedikler soňky synaglara goýberilmeýär.

Giriş synaglaryndan üstünlikli geçen ýagdaýynda, bäsleşiksiz we talyplyga kabul edilmek üçin artykmaç hukukdan «Bilim hakynda» Türkmenistanyň Kanunynyň reýtingde görkezilen kesgitlenen düzgünlere laýyk gelýänler peýdalanýarlar.

Halkara senagatçylar we telekeçiler uniwersitetiniň salgysy: Aşgabat ş., Görogly köçesi, 185. (Türkmenistanyň Oguz han adyndaky Inžener-tehnologiýalar uniwersitetiniň salgysy: Aşgabat ş., Köşi köçesi, 100 himiki we nanotehnologiýalar fakultetiniň binasy, tel: 39-16-62).
